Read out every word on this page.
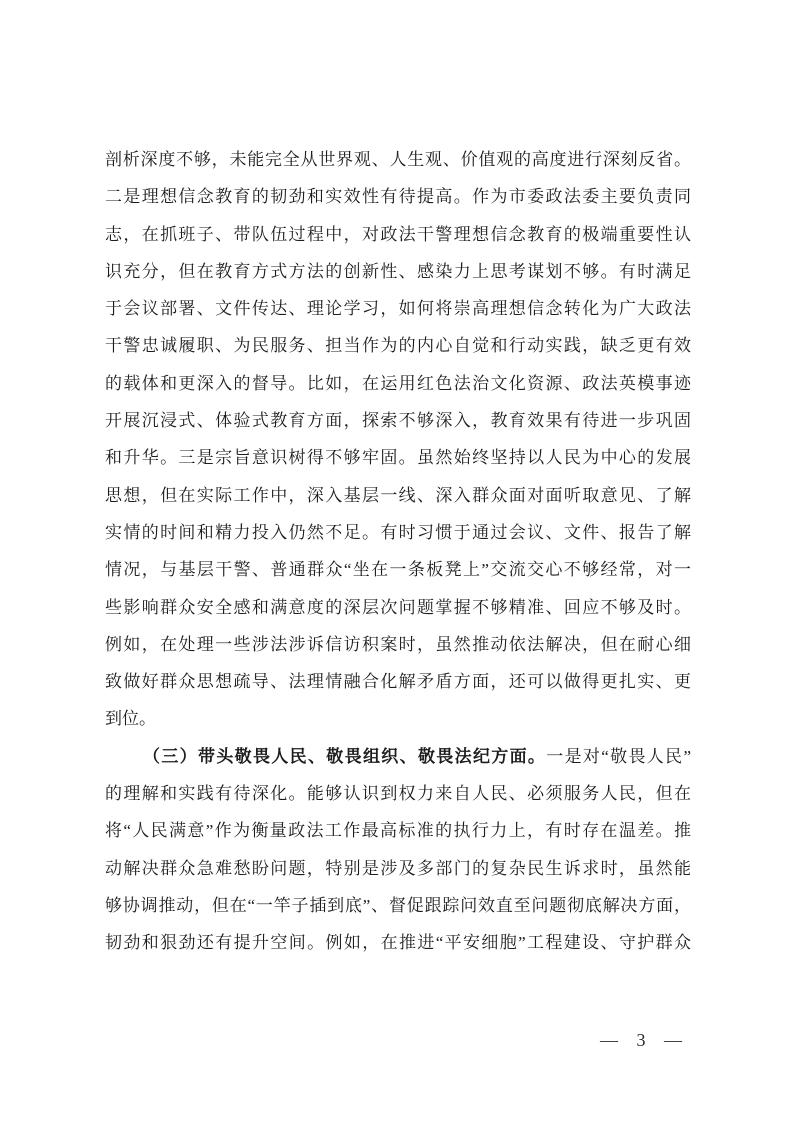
剖析深度不够，未能完全从世界观、人生观、价值观的高度进行深刻反省。

二是理想信念教育的韧劲和实效性有待提高。作为市委政法委主要负责同

志，在抓班子、带队伍过程中，对政法干警理想信念教育的极端重要性认

识充分，但在教育方式方法的创新性、感染力上思考谋划不够。有时满足

于会议部署、文件传达、理论学习，如何将崇高理想信念转化为广大政法

干警忠诚履职、为民服务、担当作为的内心自觉和行动实践，缺乏更有效

的载体和更深入的督导。比如，在运用红色法治文化资源、政法英模事迹

开展沉浸式、体验式教育方面，探索不够深入，教育效果有待进一步巩固

和升华。三是宗旨意识树得不够牢固。虽然始终坚持以人民为中心的发展

思想，但在实际工作中，深入基层一线、深入群众面对面听取意见、了解

实情的时间和精力投入仍然不足。有时习惯于通过会议、文件、报告了解

情况，与基层干警、普通群众“坐在一条板凳上”交流交心不够经常，对一

些影响群众安全感和满意度的深层次问题掌握不够精准、回应不够及时。

例如，在处理一些涉法涉诉信访积案时，虽然推动依法解决，但在耐心细

致做好群众思想疏导、法理情融合化解矛盾方面，还可以做得更扎实、更

到位。

（三）带头敬畏人民、敬畏组织、敬畏法纪方面。一是对“敬畏人民”

的理解和实践有待深化。能够认识到权力来自人民、必须服务人民，但在

将“人民满意”作为衡量政法工作最高标准的执行力上，有时存在温差。推

动解决群众急难愁盼问题，特别是涉及多部门的复杂民生诉求时，虽然能

够协调推动，但在“一竿子插到底”、督促跟踪问效直至问题彻底解决方面，

韧劲和狠劲还有提升空间。例如，在推进“平安细胞”工程建设、守护群众

— 3 —
